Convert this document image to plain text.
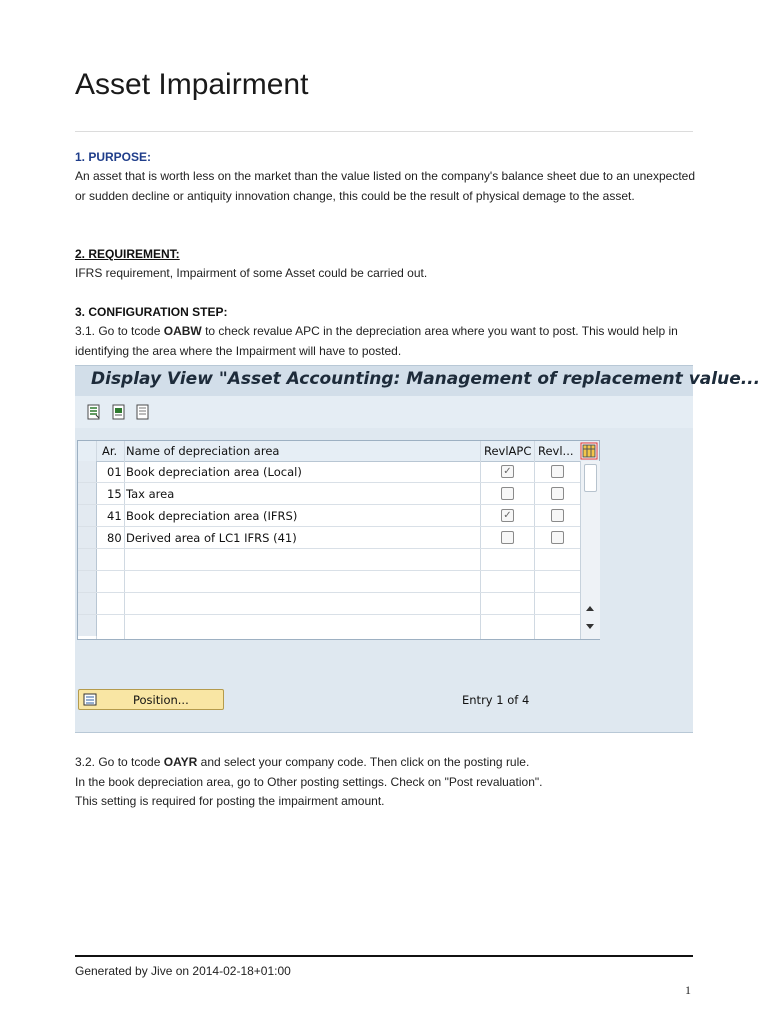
Asset Impairment
1. PURPOSE:
An asset that is worth less on the market than the value listed on the company's balance sheet due to an unexpected or sudden decline or antiquity innovation change, this could be the result of physical demage to the asset.
2. REQUIREMENT:
IFRS requirement, Impairment of some Asset could be carried out.
3. CONFIGURATION STEP:
3.1. Go to tcode OABW to check revalue APC in the depreciation area where you want to post. This would help in identifying the area where the Impairment will have to posted.
Display View "Asset Accounting: Management of replacement value...
Ar. Name of depreciation area	RevlAPC Revl...
01 Book depreciation area (Local)	✓
15 Tax area
41 Book depreciation area (IFRS)	✓
80 Derived area of LC1 IFRS (41)
Position...	Entry 1 of 4
3.2. Go to tcode OAYR and select your company code. Then click on the posting rule.
In the book depreciation area, go to Other posting settings. Check on "Post revaluation".
This setting is required for posting the impairment amount.
Generated by Jive on 2014-02-18+01:00
1
